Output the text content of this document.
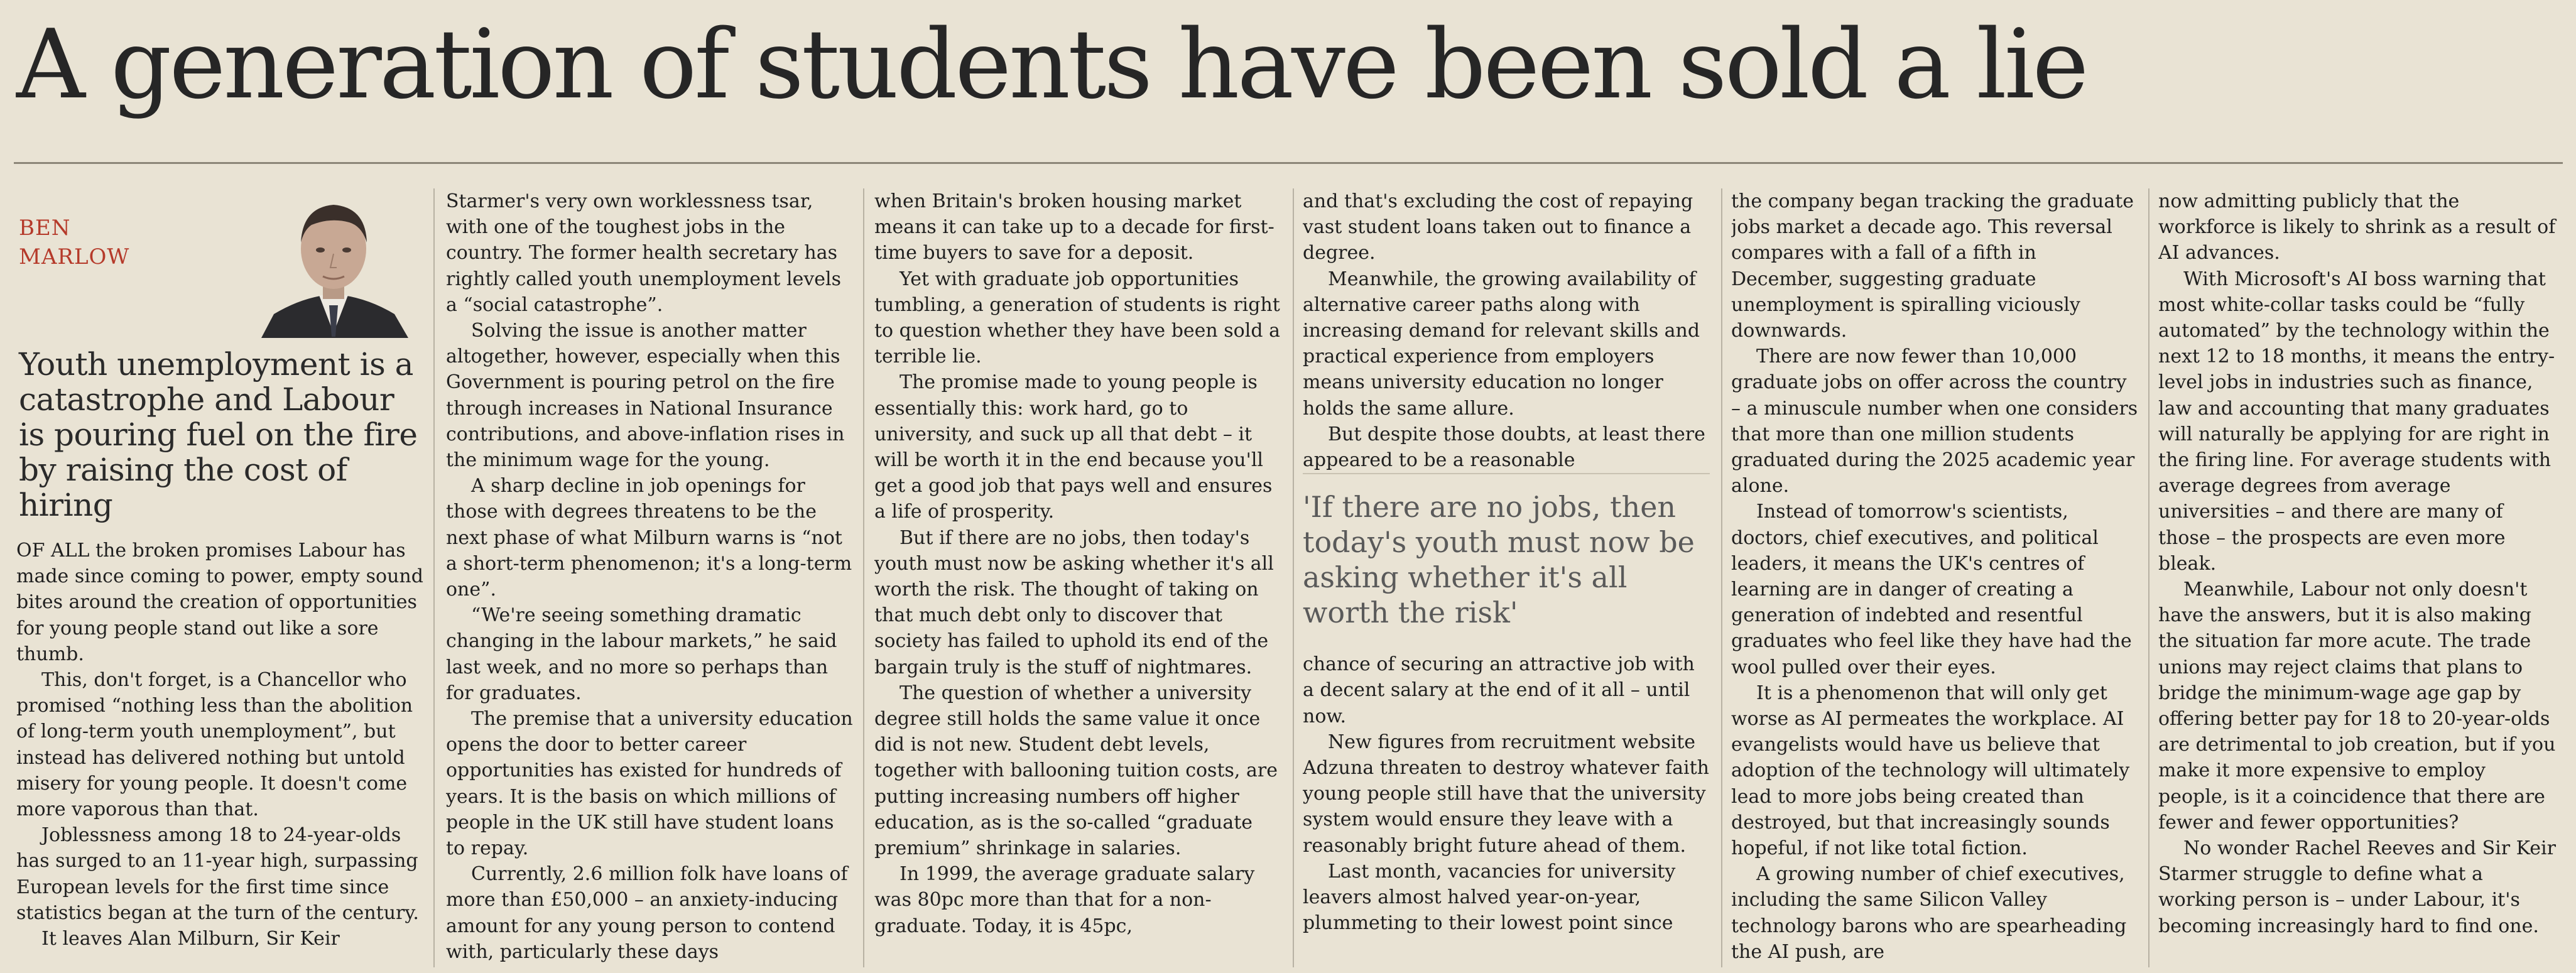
A generation of students have been sold a lie
BEN
MARLOW
Youth unemployment is a catastrophe and Labour is pouring fuel on the fire by raising the cost of hiring

OF ALL the broken promises Labour has made since coming to power, empty sound bites around the creation of opportunities for young people stand out like a sore thumb.

This, don't forget, is a Chancellor who promised “nothing less than the abolition of long-term youth unemployment”, but instead has delivered nothing but untold misery for young people. It doesn't come more vaporous than that.

Joblessness among 18 to 24-year-olds has surged to an 11-year high, surpassing European levels for the first time since statistics began at the turn of the century.

It leaves Alan Milburn, Sir Keir

Starmer's very own worklessness tsar, with one of the toughest jobs in the country. The former health secretary has rightly called youth unemployment levels a “social catastrophe”.

Solving the issue is another matter altogether, however, especially when this Government is pouring petrol on the fire through increases in National Insurance contributions, and above-inflation rises in the minimum wage for the young.

A sharp decline in job openings for those with degrees threatens to be the next phase of what Milburn warns is “not a short-term phenomenon; it's a long-term one”.

“We're seeing something dramatic changing in the labour markets,” he said last week, and no more so perhaps than for graduates.

The premise that a university education opens the door to better career opportunities has existed for hundreds of years. It is the basis on which millions of people in the UK still have student loans to repay.

Currently, 2.6 million folk have loans of more than £50,000 – an anxiety-inducing amount for any young person to contend with, particularly these days

when Britain's broken housing market means it can take up to a decade for first-time buyers to save for a deposit.

Yet with graduate job opportunities tumbling, a generation of students is right to question whether they have been sold a terrible lie.

The promise made to young people is essentially this: work hard, go to university, and suck up all that debt – it will be worth it in the end because you'll get a good job that pays well and ensures a life of prosperity.

But if there are no jobs, then today's youth must now be asking whether it's all worth the risk. The thought of taking on that much debt only to discover that society has failed to uphold its end of the bargain truly is the stuff of nightmares.

The question of whether a university degree still holds the same value it once did is not new. Student debt levels, together with ballooning tuition costs, are putting increasing numbers off higher education, as is the so-called “graduate premium” shrinkage in salaries.

In 1999, the average graduate salary was 80pc more than that for a non-graduate. Today, it is 45pc,

and that's excluding the cost of repaying vast student loans taken out to finance a degree.

Meanwhile, the growing availability of alternative career paths along with increasing demand for relevant skills and practical experience from employers means university education no longer holds the same allure.

But despite those doubts, at least there appeared to be a reasonable

'If there are no jobs, then today's youth must now be asking whether it's all worth the risk'

chance of securing an attractive job with a decent salary at the end of it all – until now.

New figures from recruitment website Adzuna threaten to destroy whatever faith young people still have that the university system would ensure they leave with a reasonably bright future ahead of them.

Last month, vacancies for university leavers almost halved year-on-year, plummeting to their lowest point since

the company began tracking the graduate jobs market a decade ago. This reversal compares with a fall of a fifth in December, suggesting graduate unemployment is spiralling viciously downwards.

There are now fewer than 10,000 graduate jobs on offer across the country – a minuscule number when one considers that more than one million students graduated during the 2025 academic year alone.

Instead of tomorrow's scientists, doctors, chief executives, and political leaders, it means the UK's centres of learning are in danger of creating a generation of indebted and resentful graduates who feel like they have had the wool pulled over their eyes.

It is a phenomenon that will only get worse as AI permeates the workplace. AI evangelists would have us believe that adoption of the technology will ultimately lead to more jobs being created than destroyed, but that increasingly sounds hopeful, if not like total fiction.

A growing number of chief executives, including the same Silicon Valley technology barons who are spearheading the AI push, are

now admitting publicly that the workforce is likely to shrink as a result of AI advances.

With Microsoft's AI boss warning that most white-collar tasks could be “fully automated” by the technology within the next 12 to 18 months, it means the entry-level jobs in industries such as finance, law and accounting that many graduates will naturally be applying for are right in the firing line. For average students with average degrees from average universities – and there are many of those – the prospects are even more bleak.

Meanwhile, Labour not only doesn't have the answers, but it is also making the situation far more acute. The trade unions may reject claims that plans to bridge the minimum-wage age gap by offering better pay for 18 to 20-year-olds are detrimental to job creation, but if you make it more expensive to employ people, is it a coincidence that there are fewer and fewer opportunities?

No wonder Rachel Reeves and Sir Keir Starmer struggle to define what a working person is – under Labour, it's becoming increasingly hard to find one.
